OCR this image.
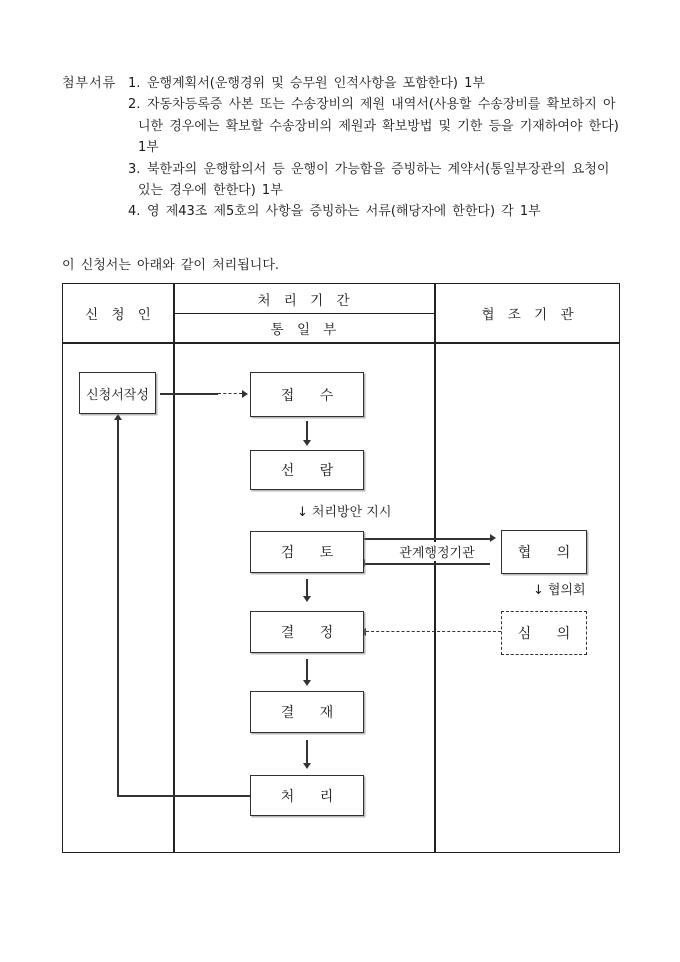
첨부서류 1. 운행계획서(운행경위 및 승무원 인적사항을 포함한다) 1부
2. 자동차등록증 사본 또는 수송장비의 제원 내역서(사용할 수송장비를 확보하지 아
니한 경우에는 확보할 수송장비의 제원과 확보방법 및 기한 등을 기재하여야 한다)
1부
3. 북한과의 운행합의서 등 운행이 가능함을 증빙하는 계약서(통일부장관의 요청이
있는 경우에 한한다) 1부
4. 영 제43조 제5호의 사항을 증빙하는 서류(해당자에 한한다) 각 1부
이 신청서는 아래와 같이 처리됩니다.
신 청 인
처 리 기 간
통 일 부
협 조 기 관
신청서작성	접 수
선 람
검 토
결 정
결 재
처 리
협 의
심 의
↓ 처리방안 지시
관계행정기관
↓ 협의회
